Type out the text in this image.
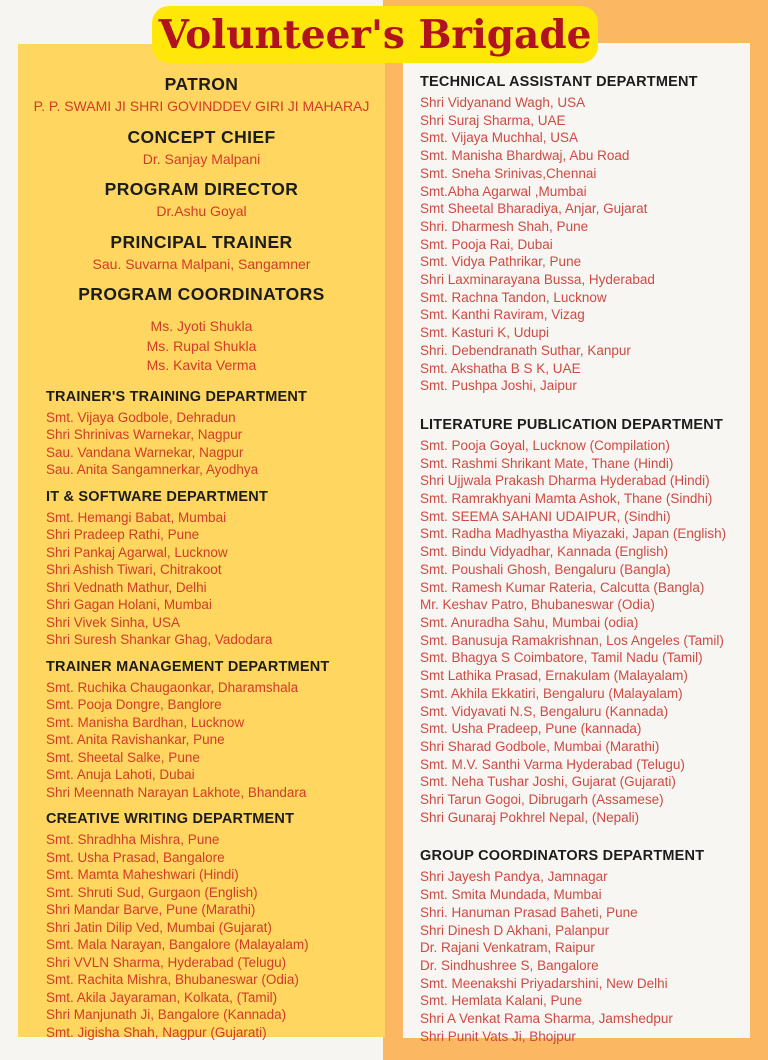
PATRON
P. P. SWAMI JI SHRI GOVINDDEV GIRI JI MAHARAJ
CONCEPT CHIEF
Dr. Sanjay Malpani
PROGRAM DIRECTOR
Dr.Ashu Goyal
PRINCIPAL TRAINER
Sau. Suvarna Malpani, Sangamner
PROGRAM COORDINATORS
Ms. Jyoti Shukla
Ms. Rupal Shukla
Ms. Kavita Verma
TRAINER'S TRAINING DEPARTMENT
Smt. Vijaya Godbole, Dehradun
Shri Shrinivas Warnekar, Nagpur
Sau. Vandana Warnekar, Nagpur
Sau. Anita Sangamnerkar, Ayodhya
IT & SOFTWARE DEPARTMENT
Smt. Hemangi Babat, Mumbai
Shri Pradeep Rathi, Pune
Shri Pankaj Agarwal, Lucknow
Shri Ashish Tiwari, Chitrakoot
Shri Vednath Mathur, Delhi
Shri Gagan Holani, Mumbai
Shri Vivek Sinha, USA
Shri Suresh Shankar Ghag, Vadodara
TRAINER MANAGEMENT DEPARTMENT
Smt. Ruchika Chaugaonkar, Dharamshala
Smt. Pooja Dongre, Banglore
Smt. Manisha Bardhan, Lucknow
Smt. Anita Ravishankar, Pune
Smt. Sheetal Salke, Pune
Smt. Anuja Lahoti, Dubai
Shri Meennath Narayan Lakhote, Bhandara
CREATIVE WRITING DEPARTMENT
Smt. Shradhha Mishra, Pune
Smt. Usha Prasad, Bangalore
Smt. Mamta Maheshwari (Hindi)
Smt. Shruti Sud, Gurgaon (English)
Shri Mandar Barve, Pune (Marathi)
Shri Jatin Dilip Ved, Mumbai (Gujarat)
Smt. Mala Narayan, Bangalore (Malayalam)
Shri VVLN Sharma, Hyderabad (Telugu)
Smt. Rachita Mishra, Bhubaneswar (Odia)
Smt. Akila Jayaraman, Kolkata, (Tamil)
Shri Manjunath Ji, Bangalore (Kannada)
Smt. Jigisha Shah, Nagpur (Gujarati)
TECHNICAL ASSISTANT DEPARTMENT
Shri Vidyanand Wagh, USA
Shri Suraj Sharma, UAE
Smt. Vijaya Muchhal, USA
Smt. Manisha Bhardwaj, Abu Road
Smt. Sneha Srinivas,Chennai
Smt.Abha Agarwal ,Mumbai
Smt Sheetal Bharadiya, Anjar, Gujarat
Shri. Dharmesh Shah, Pune
Smt. Pooja Rai, Dubai
Smt. Vidya Pathrikar, Pune
Shri Laxminarayana Bussa, Hyderabad
Smt. Rachna Tandon, Lucknow
Smt. Kanthi Raviram, Vizag
Smt. Kasturi K, Udupi
Shri. Debendranath Suthar, Kanpur
Smt. Akshatha B S K, UAE
Smt. Pushpa Joshi, Jaipur
LITERATURE PUBLICATION DEPARTMENT
Smt. Pooja Goyal, Lucknow (Compilation)
Smt. Rashmi Shrikant Mate, Thane (Hindi)
Shri Ujjwala Prakash Dharma Hyderabad (Hindi)
Smt. Ramrakhyani Mamta Ashok, Thane (Sindhi)
Smt. SEEMA SAHANI UDAIPUR, (Sindhi)
Smt. Radha Madhyastha Miyazaki, Japan (English)
Smt. Bindu Vidyadhar, Kannada (English)
Smt. Poushali Ghosh, Bengaluru (Bangla)
Smt. Ramesh Kumar Rateria, Calcutta (Bangla)
Mr. Keshav Patro, Bhubaneswar (Odia)
Smt. Anuradha Sahu, Mumbai (odia)
Smt. Banusuja Ramakrishnan, Los Angeles (Tamil)
Smt. Bhagya S Coimbatore, Tamil Nadu (Tamil)
Smt Lathika Prasad, Ernakulam (Malayalam)
Smt. Akhila Ekkatiri, Bengaluru (Malayalam)
Smt. Vidyavati N.S, Bengaluru (Kannada)
Smt. Usha Pradeep, Pune (kannada)
Shri Sharad Godbole, Mumbai (Marathi)
Smt. M.V. Santhi Varma Hyderabad (Telugu)
Smt. Neha Tushar Joshi, Gujarat (Gujarati)
Shri Tarun Gogoi, Dibrugarh (Assamese)
Shri Gunaraj Pokhrel Nepal, (Nepali)
GROUP COORDINATORS DEPARTMENT
Shri Jayesh Pandya, Jamnagar
Smt. Smita Mundada, Mumbai
Shri. Hanuman Prasad Baheti, Pune
Shri Dinesh D Akhani, Palanpur
Dr. Rajani Venkatram, Raipur
Dr. Sindhushree S, Bangalore
Smt. Meenakshi Priyadarshini, New Delhi
Smt. Hemlata Kalani, Pune
Shri A Venkat Rama Sharma, Jamshedpur
Shri Punit Vats Ji, Bhojpur
Volunteer's Brigade
